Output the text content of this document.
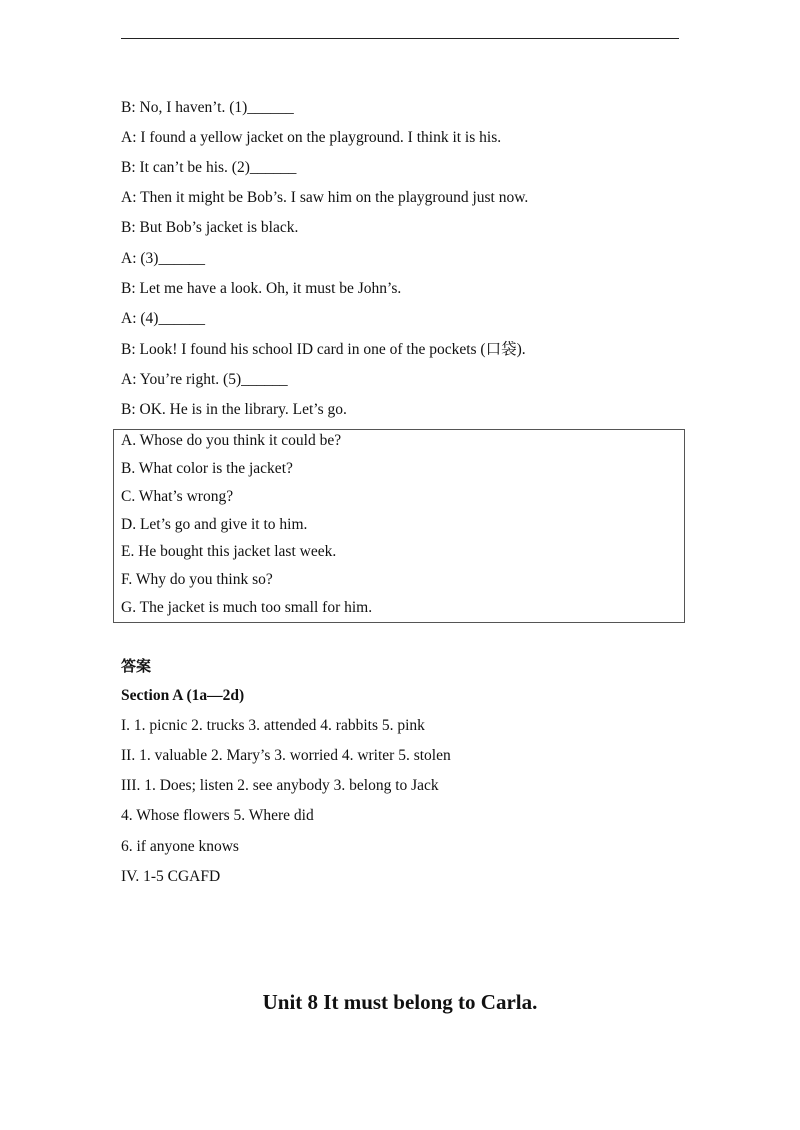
B: No, I haven’t. (1)______
A: I found a yellow jacket on the playground. I think it is his.
B: It can’t be his. (2)______
A: Then it might be Bob’s. I saw him on the playground just now.
B: But Bob’s jacket is black.
A: (3)______
B: Let me have a look. Oh, it must be John’s.
A: (4)______
B: Look! I found his school ID card in one of the pockets (口袋).
A: You’re right. (5)______
B: OK. He is in the library. Let’s go.
A. Whose do you think it could be?
B. What color is the jacket?
C. What’s wrong?
D. Let’s go and give it to him.
E. He bought this jacket last week.
F. Why do you think so?
G. The jacket is much too small for him.
答案
Section A (1a—2d)
I. 1. picnic 2. trucks 3. attended 4. rabbits 5. pink
II. 1. valuable 2. Mary’s 3. worried 4. writer 5. stolen
III. 1. Does; listen 2. see anybody 3. belong to Jack
4. Whose flowers 5. Where did
6. if anyone knows
IV. 1-5 CGAFD
Unit 8 It must belong to Carla.
